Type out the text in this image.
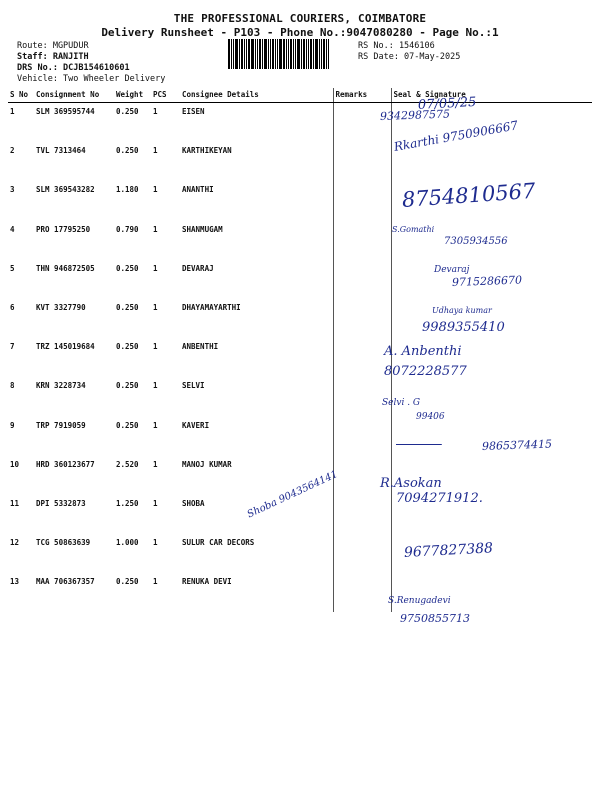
THE PROFESSIONAL COURIERS, COIMBATORE
Delivery Runsheet - P103 - Phone No.:9047080280 - Page No.:1
Route: MGPUDUR
Staff: RANJITH
DRS No.: DCJB154610601
Vehicle: Two Wheeler Delivery
RS No.: 1546106
RS Date: 07-May-2025
S No	Consignment No	Weight	PCS	Consignee Details	Remarks	Seal & Signature
1	SLM 369595744	0.250	1	EISEN		
2	TVL 7313464	0.250	1	KARTHIKEYAN		
3	SLM 369543282	1.180	1	ANANTHI		
4	PRO 17795250	0.790	1	SHANMUGAM		
5	THN 946872505	0.250	1	DEVARAJ		
6	KVT 3327790	0.250	1	DHAYAMAYARTHI		
7	TRZ 145019684	0.250	1	ANBENTHI		
8	KRN 3228734	0.250	1	SELVI		
9	TRP 7919059	0.250	1	KAVERI		
10	HRD 360123677	2.520	1	MANOJ KUMAR		
11	DPI 5332873	1.250	1	SHOBA		
12	TCG 50863639	1.000	1	SULUR CAR DECORS		
13	MAA 706367357	0.250	1	RENUKA DEVI		
07/05/25
9342987575
Rkarthi 9750906667
8754810567
S.Gomathi
7305934556
Devaraj
9715286670
Udhaya kumar
9989355410
A. Anbenthi
8072228577
Selvi . G
99406
9865374415

R.Asokan
7094271912.
Shoba 9043564141
9677827388
S.Renugadevi
9750855713
